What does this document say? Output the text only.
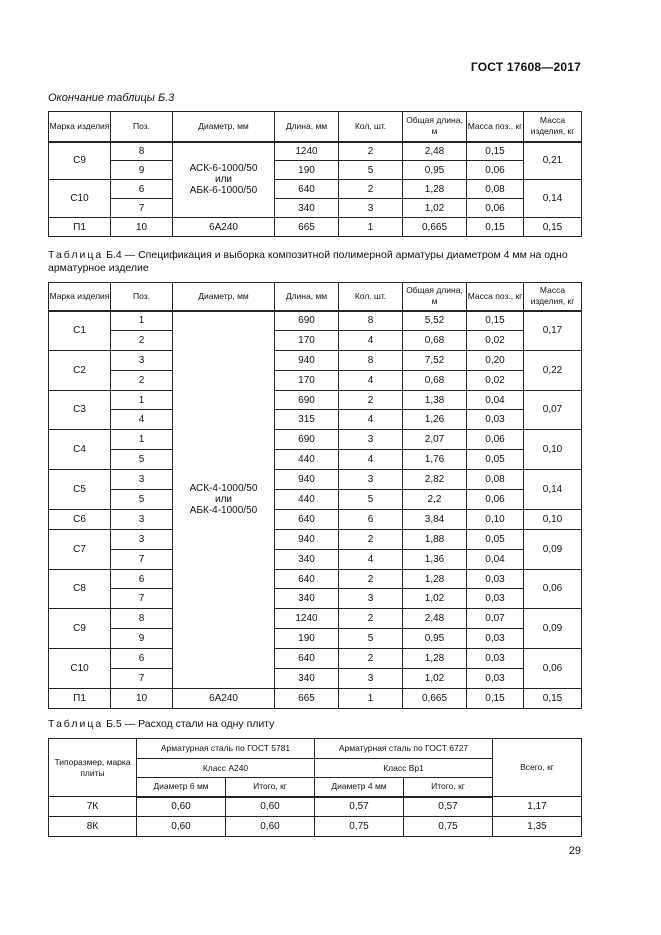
ГОСТ 17608—2017
Окончание таблицы Б.3
Марка изделия	Поз.	Диаметр, мм	Длина, мм	Кол. шт.	Общая длина, м	Масса поз., кг	Масса изделия, кг
С9	8	АСК-6-1000/50
или
АБК-6-1000/50	1240	2	2,48	0,15	0,21
	9		190	5	0,95	0,06	
С10	6		640	2	1,28	0,08	0,14
	7		340	3	1,02	0,06	
П1	10	6А240	665	1	0,665	0,15	0,15
Таблица Б.4 — Спецификация и выборка композитной полимерной арматуры диаметром 4 мм на одно арматурное изделие
Марка изделия	Поз.	Диаметр, мм	Длина, мм	Кол. шт.	Общая длина, м	Масса поз., кг	Масса изделия, кг
С1	1	АСК-4-1000/50
или
АБК-4-1000/50	690	8	5,52	0,15	0,17
	2		170	4	0,68	0,02	
С2	3		940	8	7,52	0,20	0,22
	2		170	4	0,68	0,02	
С3	1		690	2	1,38	0,04	0,07
	4		315	4	1,26	0,03	
С4	1		690	3	2,07	0,06	0,10
	5		440	4	1,76	0,05	
С5	3		940	3	2,82	0,08	0,14
	5		440	5	2,2	0,06	
С6	3		640	6	3,84	0,10	0,10
С7	3		940	2	1,88	0,05	0,09
	7		340	4	1,36	0,04	
С8	6		640	2	1,28	0,03	0,06
	7		340	3	1,02	0,03	
С9	8		1240	2	2,48	0,07	0,09
	9		190	5	0,95	0,03	
С10	6		640	2	1,28	0,03	0,06
	7		340	3	1,02	0,03	
П1	10	6А240	665	1	0,665	0,15	0,15
Таблица Б.5 — Расход стали на одну плиту
Типоразмер, марка плиты	Арматурная сталь по ГОСТ 5781		Арматурная сталь по ГОСТ 6727		Всего, кг
	Класс А240		Класс Вр1		
	Диаметр 6 мм	Итого, кг	Диаметр 4 мм	Итого, кг	
7К	0,60	0,60	0,57	0,57	1,17
8К	0,60	0,60	0,75	0,75	1,35
29
